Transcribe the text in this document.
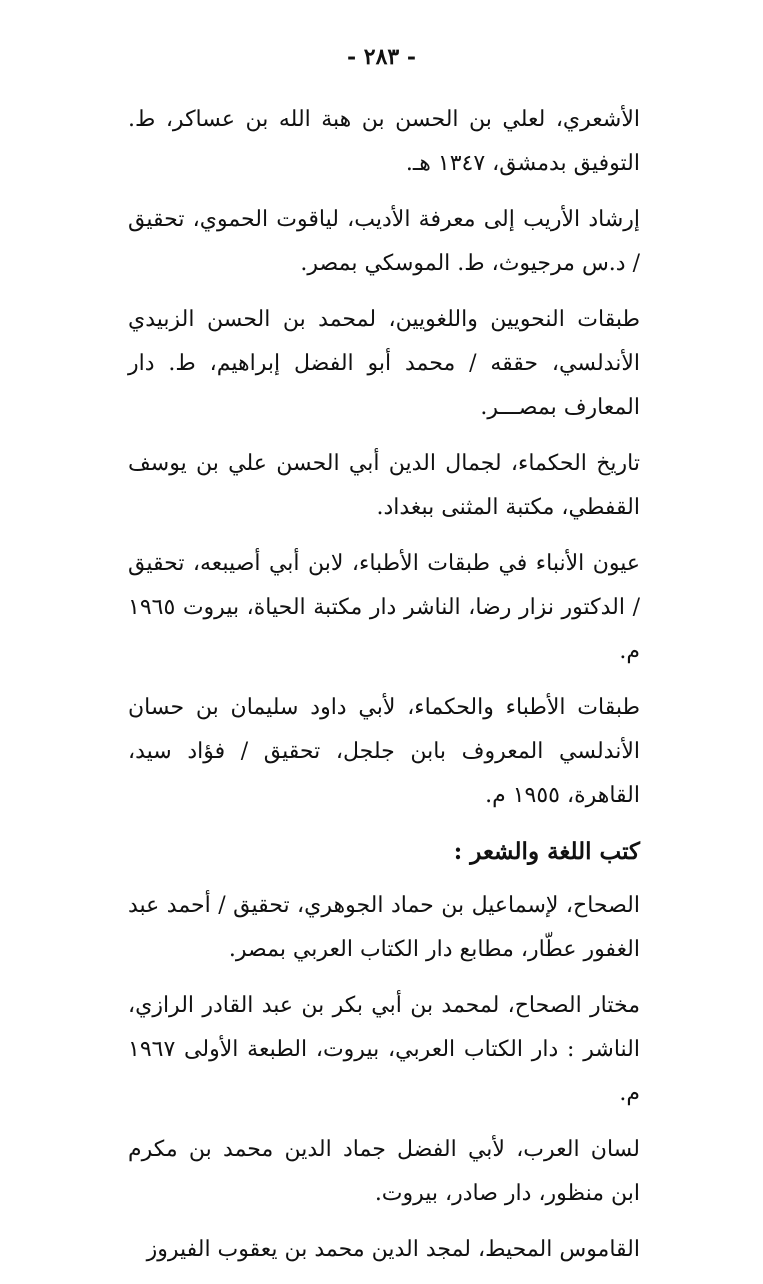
- ٢٨٣ -

الأشعري، لعلي بن الحسن بن هبة الله بن عساكر، ط. التوفيق بدمشق، ١٣٤٧ هـ.

إرشاد الأريب إلى معرفة الأديب، لياقوت الحموي، تحقيق / د.س مرجيوث، ط. الموسكي بمصر.

طبقات النحويين واللغويين، لمحمد بن الحسن الزبيدي الأندلسي، حققه / محمد أبو الفضل إبراهيم، ط. دار المعارف بمصـــر.

تاريخ الحكماء، لجمال الدين أبي الحسن علي بن يوسف القفطي، مكتبة المثنى ببغداد.

عيون الأنباء في طبقات الأطباء، لابن أبي أصيبعه، تحقيق / الدكتور نزار رضا، الناشر دار مكتبة الحياة، بيروت ١٩٦٥ م.

طبقات الأطباء والحكماء، لأبي داود سليمان بن حسان الأندلسي المعروف بابن جلجل، تحقيق / فؤاد سيد، القاهرة، ١٩٥٥ م.

كتب اللغة والشعر :

الصحاح، لإسماعيل بن حماد الجوهري، تحقيق / أحمد عبد الغفور عطّار، مطابع دار الكتاب العربي بمصر.

مختار الصحاح، لمحمد بن أبي بكر بن عبد القادر الرازي، الناشر : دار الكتاب العربي، بيروت، الطبعة الأولى ١٩٦٧ م.

لسان العرب، لأبي الفضل جماد الدين محمد بن مكرم ابن منظور، دار صادر، بيروت.

القاموس المحيط، لمجد الدين محمد بن يعقوب الفيروز
